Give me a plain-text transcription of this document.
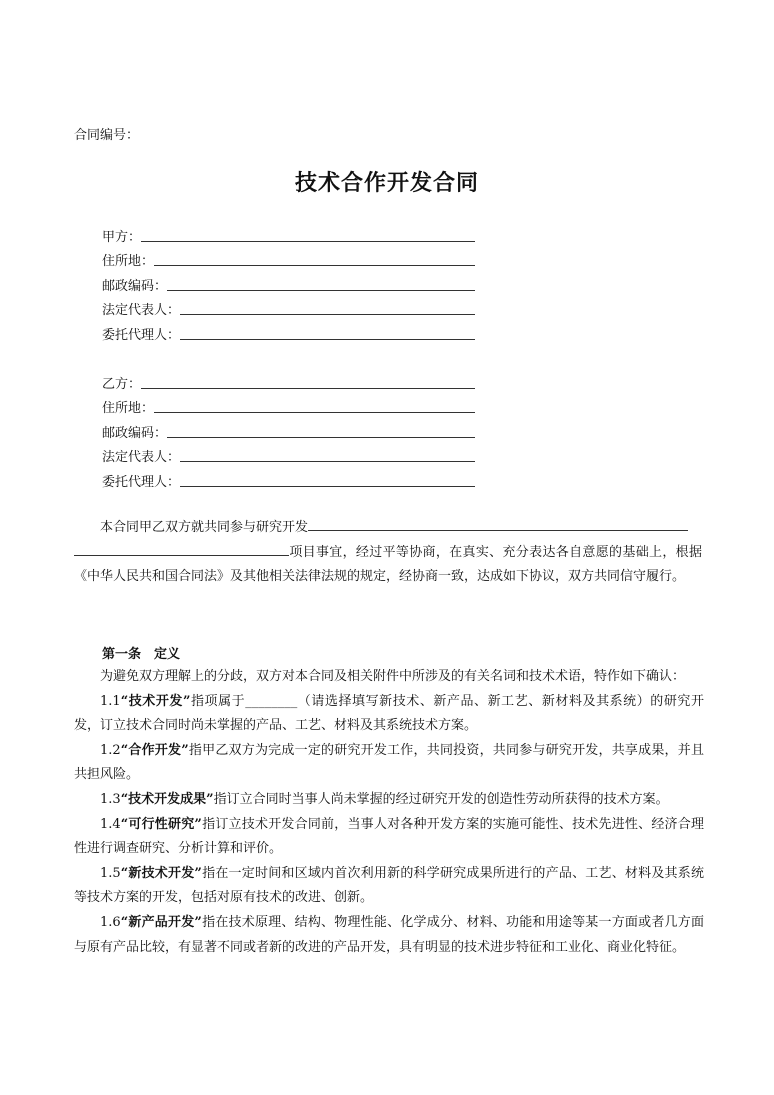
合同编号：
技术合作开发合同
甲方：
住所地：
邮政编码：
法定代表人：
委托代理人：
乙方：
住所地：
邮政编码：
法定代表人：
委托代理人：

本合同甲乙双方就共同参与研究开发

项目事宜，经过平等协商，在真实、充分表达各自意愿的基础上，根据《中华人民共和国合同法》及其他相关法律法规的规定，经协商一致，达成如下协议，双方共同信守履行。

第一条　定义

为避免双方理解上的分歧，双方对本合同及相关附件中所涉及的有关名词和技术术语，特作如下确认：

1.1“技术开发”指项属于________（请选择填写新技术、新产品、新工艺、新材料及其系统）的研究开发，订立技术合同时尚未掌握的产品、工艺、材料及其系统技术方案。

1.2“合作开发”指甲乙双方为完成一定的研究开发工作，共同投资，共同参与研究开发，共享成果，并且共担风险。

1.3“技术开发成果”指订立合同时当事人尚未掌握的经过研究开发的创造性劳动所获得的技术方案。

1.4“可行性研究”指订立技术开发合同前，当事人对各种开发方案的实施可能性、技术先进性、经济合理性进行调查研究、分析计算和评价。

1.5“新技术开发”指在一定时间和区域内首次利用新的科学研究成果所进行的产品、工艺、材料及其系统等技术方案的开发，包括对原有技术的改进、创新。

1.6“新产品开发”指在技术原理、结构、物理性能、化学成分、材料、功能和用途等某一方面或者几方面与原有产品比较，有显著不同或者新的改进的产品开发，具有明显的技术进步特征和工业化、商业化特征。
